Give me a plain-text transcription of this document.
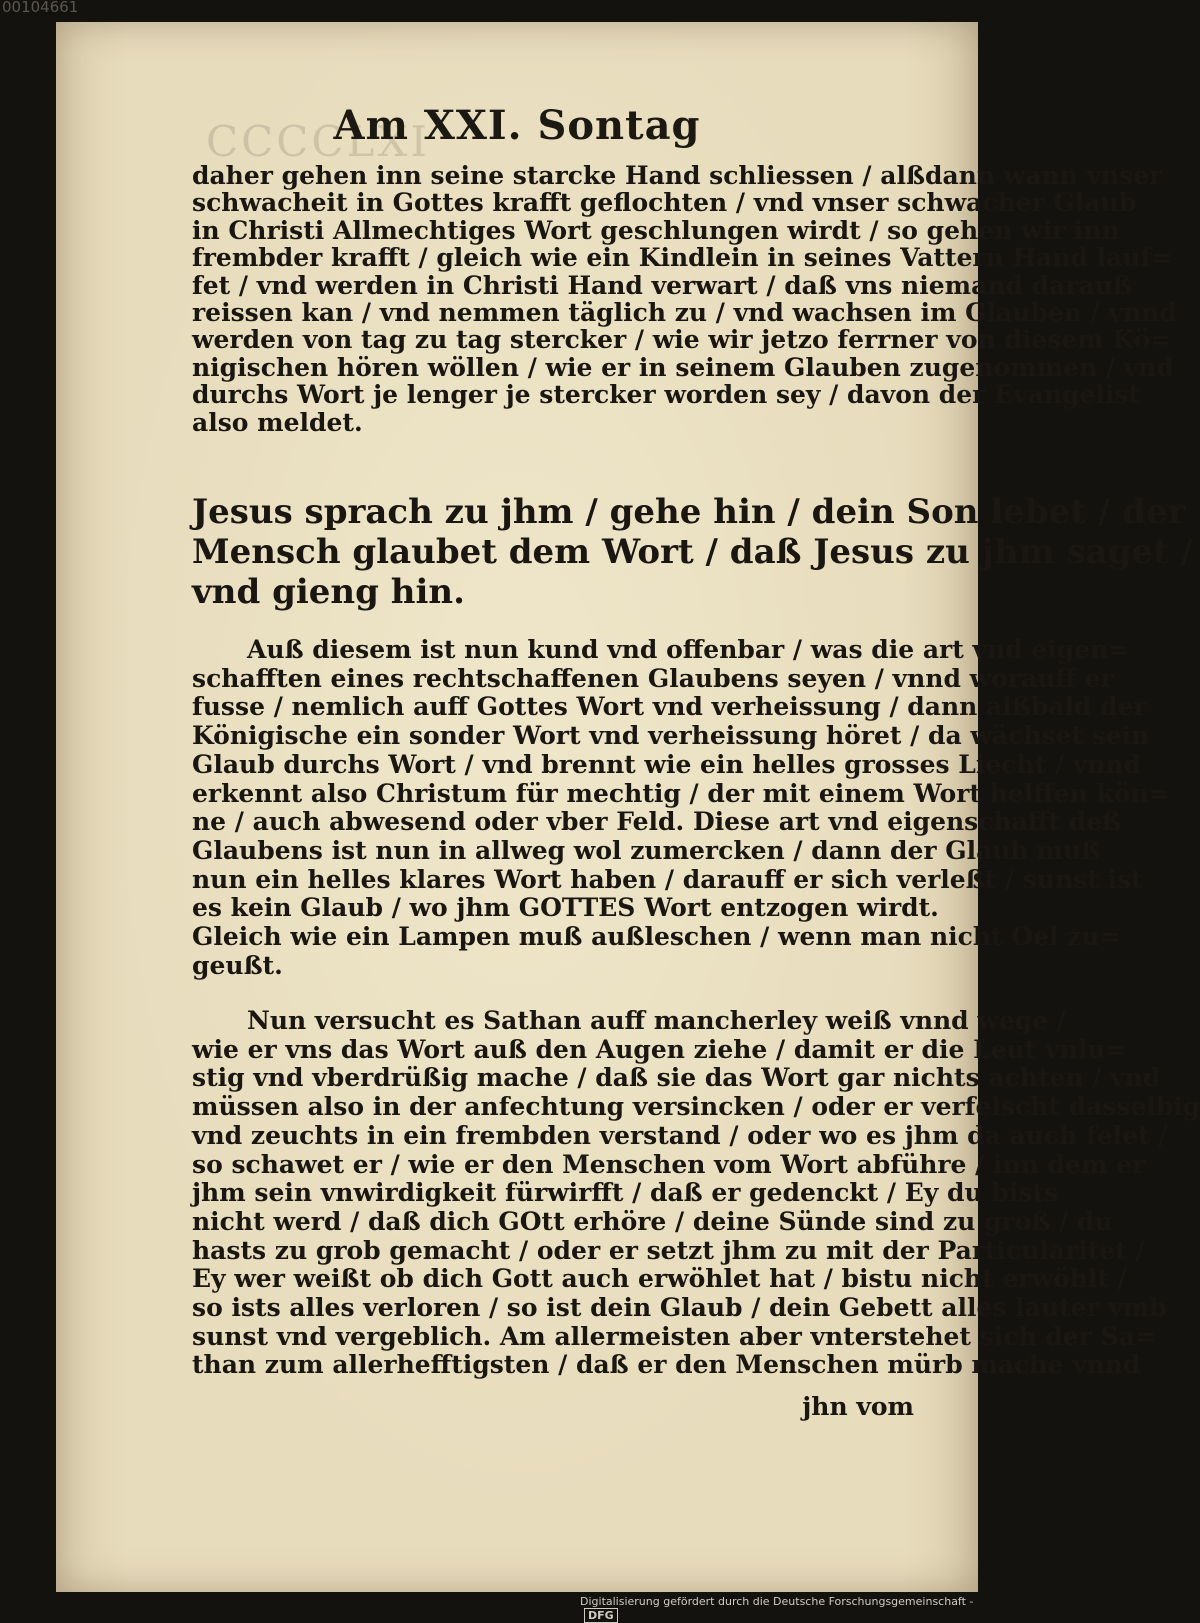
00104661
CCCCLXI
Am XXI. Sontag
daher gehen inn seine starcke Hand schliessen / alßdann wann vnser
schwacheit in Gottes krafft geflochten / vnd vnser schwacher Glaub
in Christi Allmechtiges Wort geschlungen wirdt / so gehen wir inn
frembder krafft / gleich wie ein Kindlein in seines Vattern Hand lauf=
fet / vnd werden in Christi Hand verwart / daß vns niemand darauß
reissen kan / vnd nemmen täglich zu / vnd wachsen im Glauben / vnnd
werden von tag zu tag stercker / wie wir jetzo ferrner von diesem Kö=
nigischen hören wöllen / wie er in seinem Glauben zugenommen / vnd
durchs Wort je lenger je stercker worden sey / davon der Evangelist
also meldet.
Jesus sprach zu jhm / gehe hin / dein Son lebet / der
Mensch glaubet dem Wort / daß Jesus zu jhm saget /
vnd gieng hin.
Auß diesem ist nun kund vnd offenbar / was die art vnd eigen=
schafften eines rechtschaffenen Glaubens seyen / vnnd worauff er
fusse / nemlich auff Gottes Wort vnd verheissung / dann alßbald der
Königische ein sonder Wort vnd verheissung höret / da wächset sein
Glaub durchs Wort / vnd brennt wie ein helles grosses Liecht / vnnd
erkennt also Christum für mechtig / der mit einem Wort helffen kön=
ne / auch abwesend oder vber Feld. Diese art vnd eigenschafft deß
Glaubens ist nun in allweg wol zumercken / dann der Glaub muß
nun ein helles klares Wort haben / darauff er sich verleßt / sunst ist
es kein Glaub / wo jhm GOTTES Wort entzogen wirdt.
Gleich wie ein Lampen muß außleschen / wenn man nicht Oel zu=
geußt.
Nun versucht es Sathan auff mancherley weiß vnnd wege /
wie er vns das Wort auß den Augen ziehe / damit er die Leut vnlu=
stig vnd vberdrüßig mache / daß sie das Wort gar nichts achten / vnd
müssen also in der anfechtung versincken / oder er verfelscht dasselbig
vnd zeuchts in ein frembden verstand / oder wo es jhm da auch felet /
so schawet er / wie er den Menschen vom Wort abführe / inn dem er
jhm sein vnwirdigkeit fürwirfft / daß er gedenckt / Ey du bists
nicht werd / daß dich GOtt erhöre / deine Sünde sind zu groß / du
hasts zu grob gemacht / oder er setzt jhm zu mit der Particularitet /
Ey wer weißt ob dich Gott auch erwöhlet hat / bistu nicht erwöhlt /
so ists alles verloren / so ist dein Glaub / dein Gebett alles lauter vmb
sunst vnd vergeblich. Am allermeisten aber vnterstehet sich der Sa=
than zum allerhefftigsten / daß er den Menschen mürb mache vnnd
jhn vom
Digitalisierung gefördert durch die Deutsche Forschungsgemeinschaft - DFG
